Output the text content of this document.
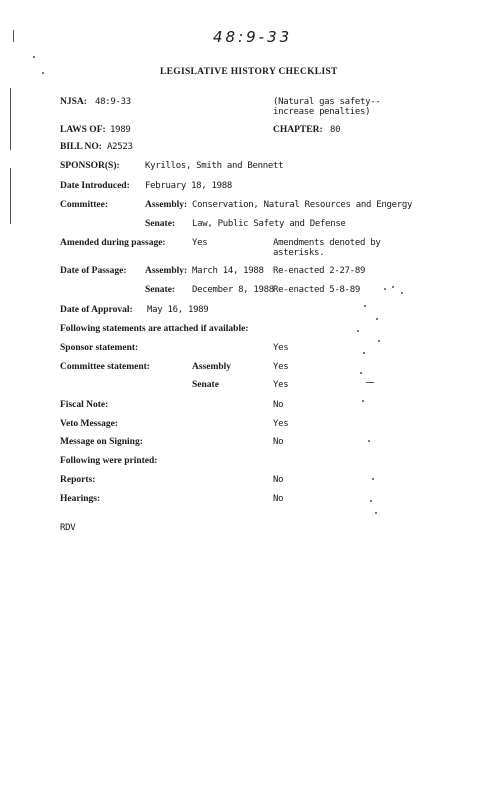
48:9-33
LEGISLATIVE HISTORY CHECKLIST
NJSA: 48:9-33	(Natural gas safety-- increase penalties)
LAWS OF: 1989	CHAPTER: 80
BILL NO: A2523
SPONSOR(S):	Kyrillos, Smith and Bennett
Date Introduced: February 18, 1988
Committee:	Assembly: Conservation, Natural Resources and Engergy
Senate: Law, Public Safety and Defense
Amended during passage:	Yes	Amendments denoted by asterisks.
Date of Passage: Assembly: March 14, 1988 Re-enacted 2-27-89
Senate: December 8, 1988 Re-enacted 5-8-89
Date of Approval: May 16, 1989
Following statements are attached if available:
Sponsor statement:	Yes
Committee statement:	Assembly	Yes
Senate	Yes
Fiscal Note:	No
Veto Message:	Yes
Message on Signing:	No
Following were printed:
Reports:	No
Hearings:	No
RDV
